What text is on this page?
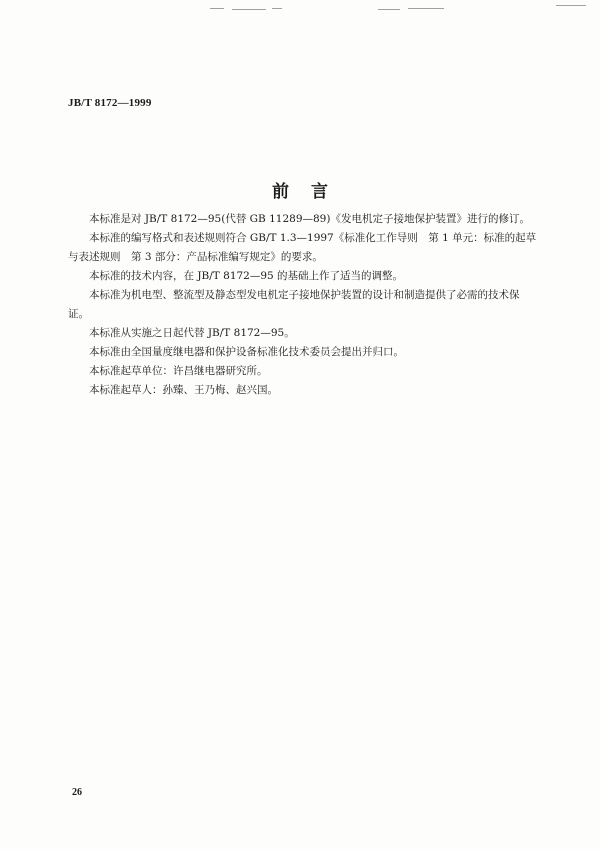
JB/T 8172—1999
前言

本标准是对 JB/T 8172—95(代替 GB 11289—89)《发电机定子接地保护装置》进行的修订。

本标准的编写格式和表述规则符合 GB/T 1.3—1997《标准化工作导则　第 1 单元：标准的起草与表述规则　第 3 部分：产品标准编写规定》的要求。

本标准的技术内容，在 JB/T 8172—95 的基础上作了适当的调整。

本标准为机电型、整流型及静态型发电机定子接地保护装置的设计和制造提供了必需的技术保证。

本标准从实施之日起代替 JB/T 8172—95。

本标准由全国量度继电器和保护设备标准化技术委员会提出并归口。

本标准起草单位：许昌继电器研究所。

本标准起草人：孙臻、王乃梅、赵兴国。

26
